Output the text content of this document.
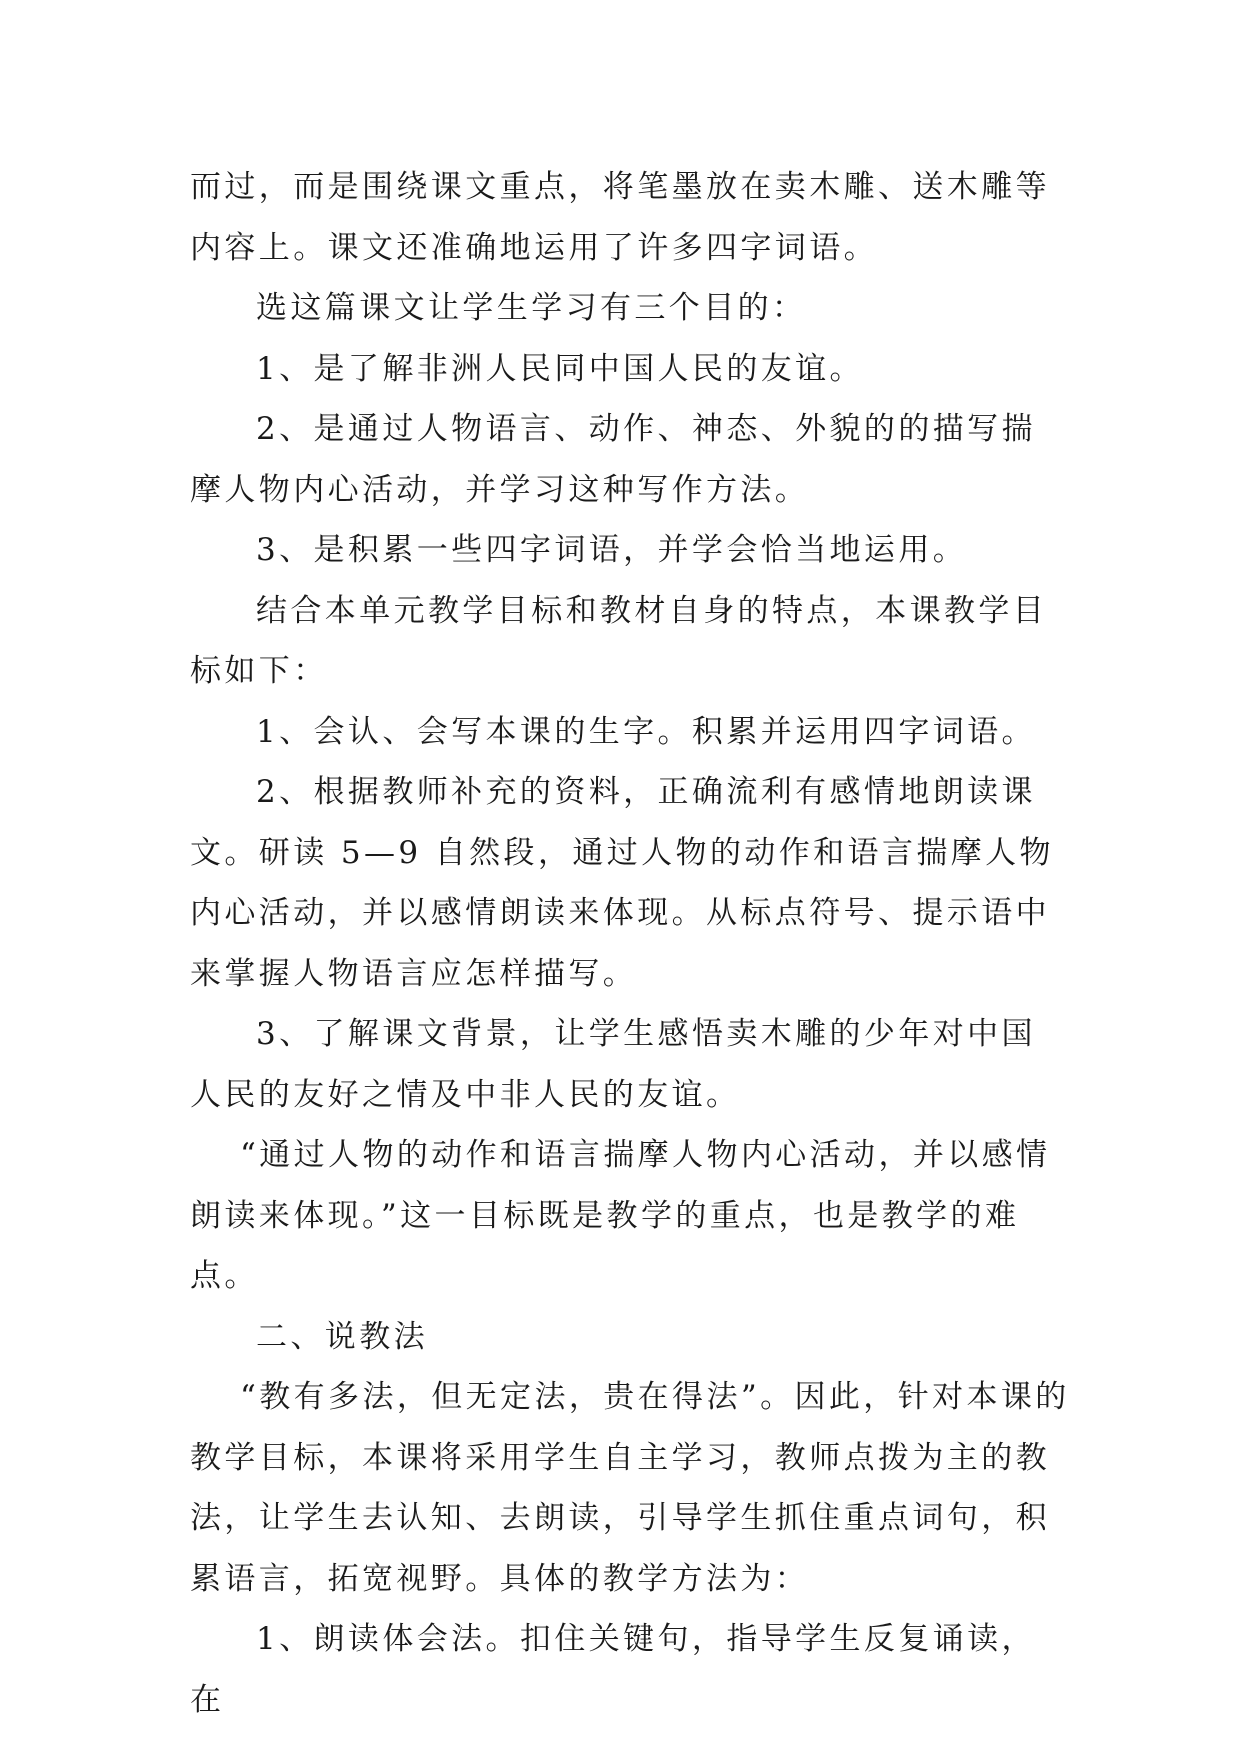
而过，而是围绕课文重点，将笔墨放在卖木雕、送木雕等内容上。课文还准确地运用了许多四字词语。

选这篇课文让学生学习有三个目的：

1、是了解非洲人民同中国人民的友谊。

2、是通过人物语言、动作、神态、外貌的的描写揣摩人物内心活动，并学习这种写作方法。

3、是积累一些四字词语，并学会恰当地运用。

结合本单元教学目标和教材自身的特点，本课教学目标如下：

1、会认、会写本课的生字。积累并运用四字词语。

2、根据教师补充的资料，正确流利有感情地朗读课文。研读 5—9 自然段，通过人物的动作和语言揣摩人物内心活动，并以感情朗读来体现。从标点符号、提示语中来掌握人物语言应怎样描写。

3、了解课文背景，让学生感悟卖木雕的少年对中国人民的友好之情及中非人民的友谊。

“通过人物的动作和语言揣摩人物内心活动，并以感情朗读来体现。”这一目标既是教学的重点，也是教学的难点。

二、说教法

“教有多法，但无定法，贵在得法”。因此，针对本课的教学目标，本课将采用学生自主学习，教师点拨为主的教法，让学生去认知、去朗读，引导学生抓住重点词句，积累语言，拓宽视野。具体的教学方法为：

1、朗读体会法。扣住关键句，指导学生反复诵读，在
